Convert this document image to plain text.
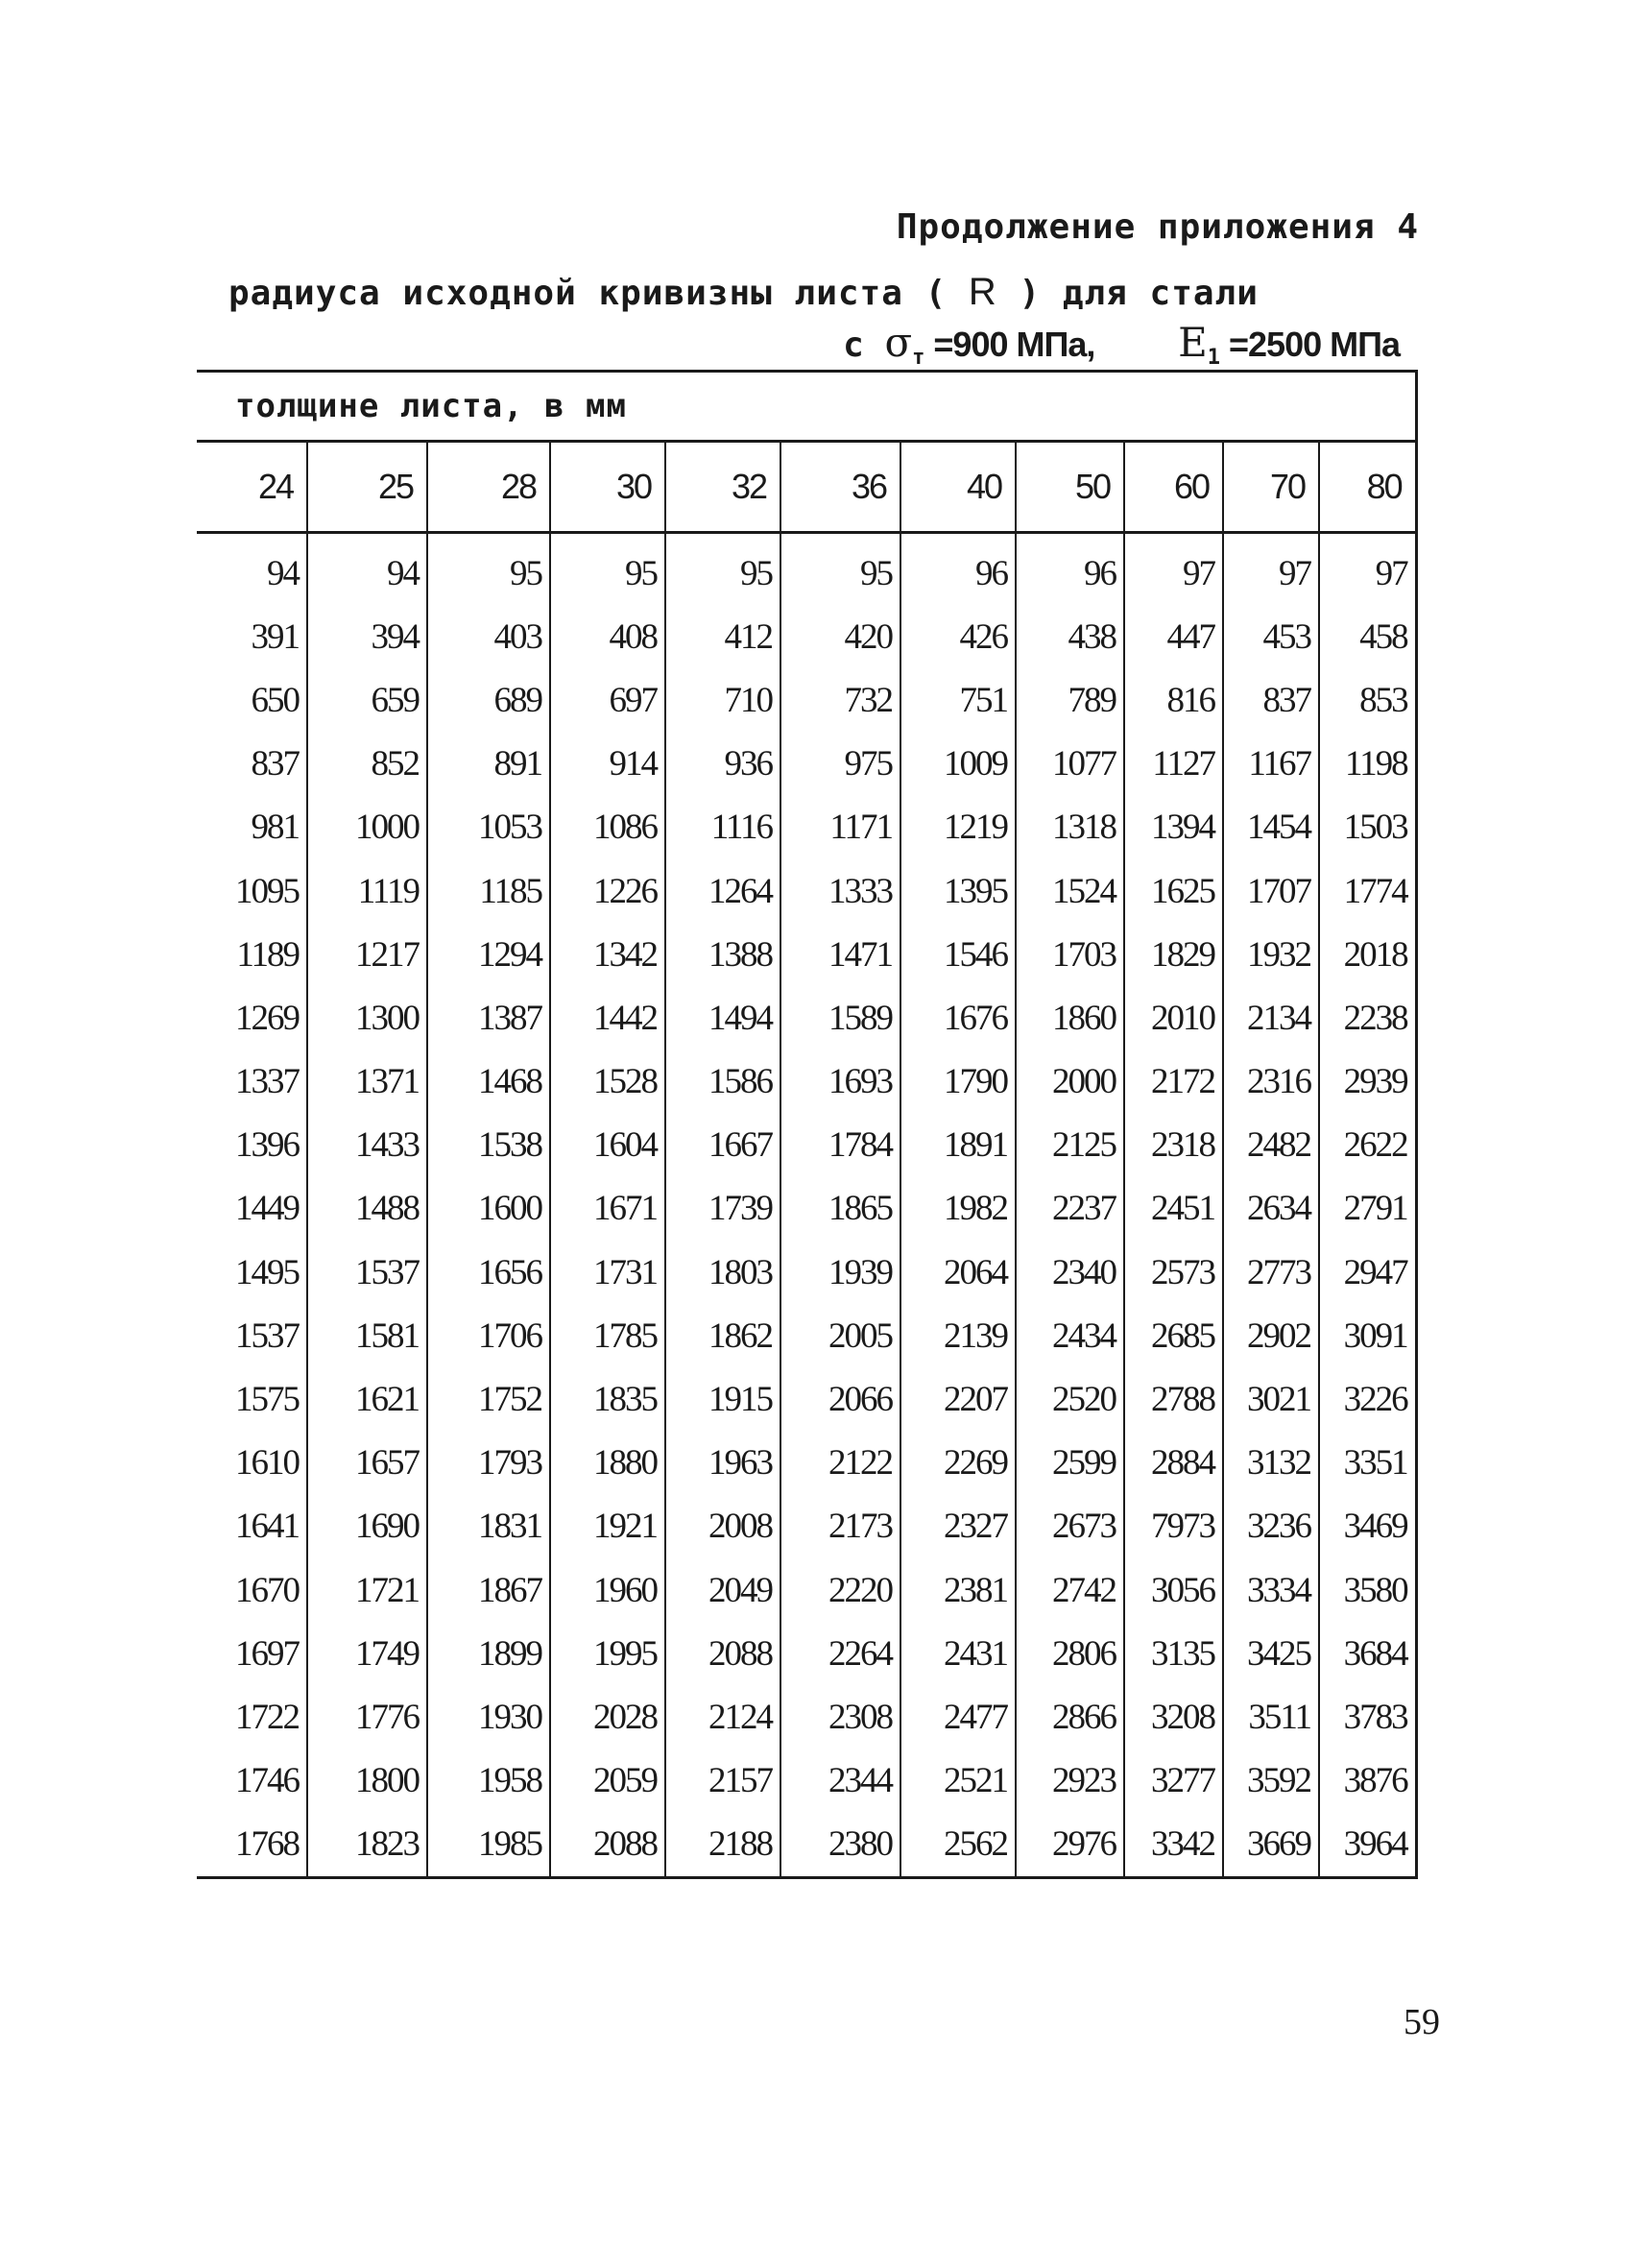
Продолжение приложения 4
радиуса исходной кривизны листа ( R ) для стали
с $\sigma_т =900$ МПа, $E_1 =2500$ МПа
толщине листа, в мм										
24	25	28	30	32	36	40	50	60	70	80

94	94	95	95	95	95	96	96	97	97	97
391	394	403	408	412	420	426	438	447	453	458
650	659	689	697	710	732	751	789	816	837	853
837	852	891	914	936	975	1009	1077	1127	1167	1198
981	1000	1053	1086	1116	1171	1219	1318	1394	1454	1503
1095	1119	1185	1226	1264	1333	1395	1524	1625	1707	1774
1189	1217	1294	1342	1388	1471	1546	1703	1829	1932	2018
1269	1300	1387	1442	1494	1589	1676	1860	2010	2134	2238
1337	1371	1468	1528	1586	1693	1790	2000	2172	2316	2939
1396	1433	1538	1604	1667	1784	1891	2125	2318	2482	2622
1449	1488	1600	1671	1739	1865	1982	2237	2451	2634	2791
1495	1537	1656	1731	1803	1939	2064	2340	2573	2773	2947
1537	1581	1706	1785	1862	2005	2139	2434	2685	2902	3091
1575	1621	1752	1835	1915	2066	2207	2520	2788	3021	3226
1610	1657	1793	1880	1963	2122	2269	2599	2884	3132	3351
1641	1690	1831	1921	2008	2173	2327	2673	7973	3236	3469
1670	1721	1867	1960	2049	2220	2381	2742	3056	3334	3580
1697	1749	1899	1995	2088	2264	2431	2806	3135	3425	3684
1722	1776	1930	2028	2124	2308	2477	2866	3208	3511	3783
1746	1800	1958	2059	2157	2344	2521	2923	3277	3592	3876
1768	1823	1985	2088	2188	2380	2562	2976	3342	3669	3964
59
